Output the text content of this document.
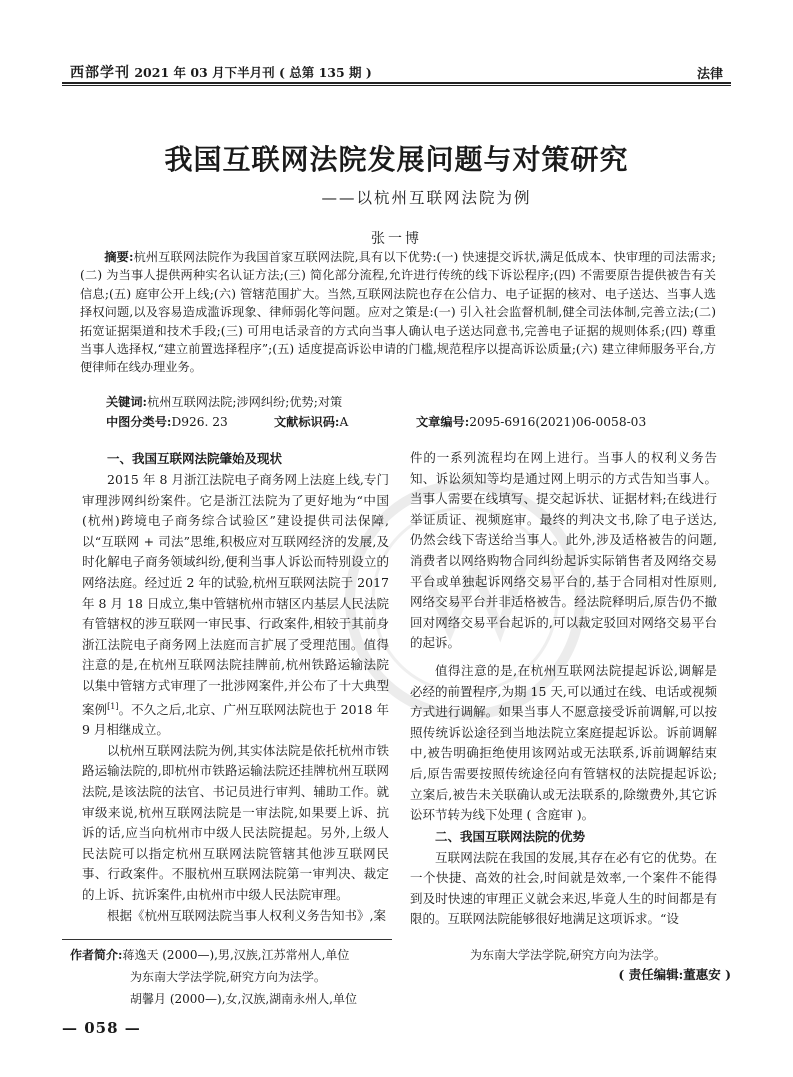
西部学刊 2021 年 03 月下半月刊 ( 总第 135 期 )	法律
我国互联网法院发展问题与对策研究
——以杭州互联网法院为例
张一博
摘要:杭州互联网法院作为我国首家互联网法院,具有以下优势:(一) 快速提交诉状,满足低成本、快审理的司法需求;(二) 为当事人提供两种实名认证方法;(三) 简化部分流程,允许进行传统的线下诉讼程序;(四) 不需要原告提供被告有关信息;(五) 庭审公开上线;(六) 管辖范围扩大。当然,互联网法院也存在公信力、电子证据的核对、电子送达、当事人选择权问题,以及容易造成滥诉现象、律师弱化等问题。应对之策是:(一) 引入社会监督机制,健全司法体制,完善立法;(二) 拓宽证据渠道和技术手段;(三) 可用电话录音的方式向当事人确认电子送达同意书,完善电子证据的规则体系;(四) 尊重当事人选择权,“建立前置选择程序”;(五) 适度提高诉讼申请的门槛,规范程序以提高诉讼质量;(六) 建立律师服务平台,方便律师在线办理业务。
关键词:杭州互联网法院;涉网纠纷;优势;对策
中图分类号:D926. 23	文献标识码:A	文章编号:2095-6916(2021)06-0058-03
一、我国互联网法院肇始及现状

2015 年 8 月浙江法院电子商务网上法庭上线,专门审理涉网纠纷案件。它是浙江法院为了更好地为“中国(杭州)跨境电子商务综合试验区”建设提供司法保障,以“互联网 + 司法”思维,积极应对互联网经济的发展,及时化解电子商务领域纠纷,便利当事人诉讼而特别设立的网络法庭。经过近 2 年的试验,杭州互联网法院于 2017 年 8 月 18 日成立,集中管辖杭州市辖区内基层人民法院有管辖权的涉互联网一审民事、行政案件,相较于其前身浙江法院电子商务网上法庭而言扩展了受理范围。值得注意的是,在杭州互联网法院挂牌前,杭州铁路运输法院以集中管辖方式审理了一批涉网案件,并公布了十大典型案例[1]。不久之后,北京、广州互联网法院也于 2018 年 9 月相继成立。

以杭州互联网法院为例,其实体法院是依托杭州市铁路运输法院的,即杭州市铁路运输法院还挂牌杭州互联网法院,是该法院的法官、书记员进行审判、辅助工作。就审级来说,杭州互联网法院是一审法院,如果要上诉、抗诉的话,应当向杭州市中级人民法院提起。另外,上级人民法院可以指定杭州互联网法院管辖其他涉互联网民事、行政案件。不服杭州互联网法院第一审判决、裁定的上诉、抗诉案件,由杭州市中级人民法院审理。

根据《杭州互联网法院当事人权利义务告知书》,案

件的一系列流程均在网上进行。当事人的权利义务告知、诉讼须知等均是通过网上明示的方式告知当事人。当事人需要在线填写、提交起诉状、证据材料;在线进行举证质证、视频庭审。最终的判决文书,除了电子送达,仍然会线下寄送给当事人。此外,涉及适格被告的问题,消费者以网络购物合同纠纷起诉实际销售者及网络交易平台或单独起诉网络交易平台的,基于合同相对性原则,网络交易平台并非适格被告。经法院释明后,原告仍不撤回对网络交易平台起诉的,可以裁定驳回对网络交易平台的起诉。

值得注意的是,在杭州互联网法院提起诉讼,调解是必经的前置程序,为期 15 天,可以通过在线、电话或视频方式进行调解。如果当事人不愿意接受诉前调解,可以按照传统诉讼途径到当地法院立案庭提起诉讼。诉前调解中,被告明确拒绝使用该网站或无法联系,诉前调解结束后,原告需要按照传统途径向有管辖权的法院提起诉讼;立案后,被告未关联确认或无法联系的,除缴费外,其它诉讼环节转为线下处理 ( 含庭审 )。

二、我国互联网法院的优势

互联网法院在我国的发展,其存在必有它的优势。在一个快捷、高效的社会,时间就是效率,一个案件不能得到及时快速的审理正义就会来迟,毕竟人生的时间都是有限的。互联网法院能够很好地满足这项诉求。“设

作者简介:蒋逸天 (2000—),男,汉族,江苏常州人,单位
为东南大学法学院,研究方向为法学。
胡馨月 (2000—),女,汉族,湖南永州人,单位
为东南大学法学院,研究方向为法学。
( 责任编辑:董惠安 )
— 058 —
